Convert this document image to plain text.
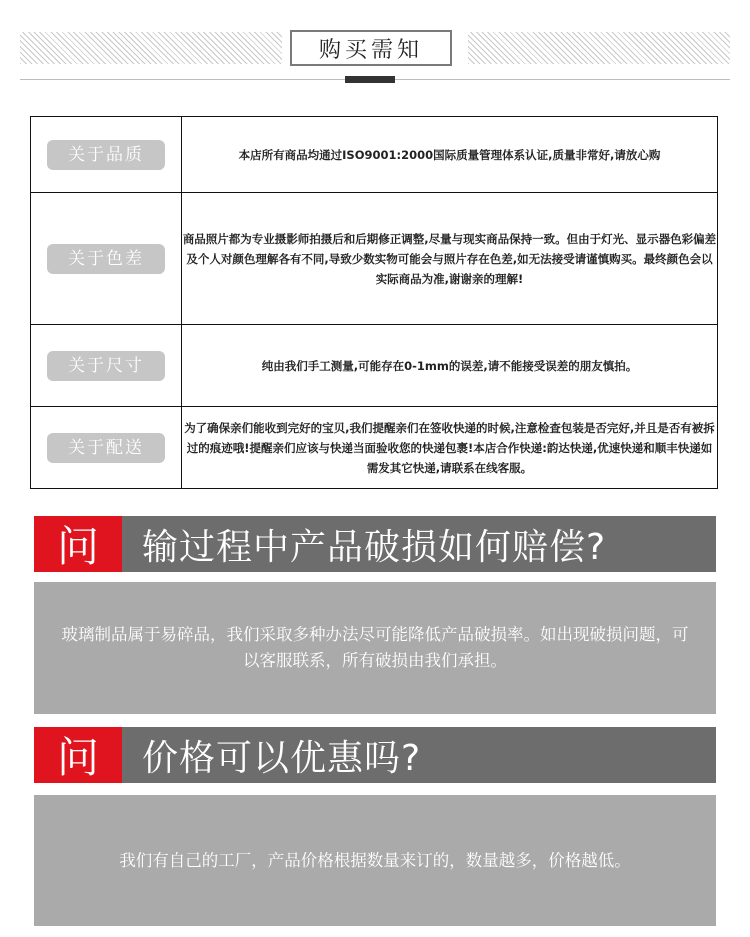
购买需知
关于品质	本店所有商品均通过ISO9001:2000国际质量管理体系认证,质量非常好,请放心购
关于色差	商品照片都为专业摄影师拍摄后和后期修正调整,尽量与现实商品保持一致。但由于灯光、显示器色彩偏差及个人对颜色理解各有不同,导致少数实物可能会与照片存在色差,如无法接受请谨慎购买。最终颜色会以实际商品为准,谢谢亲的理解!
关于尺寸	纯由我们手工测量,可能存在0-1mm的误差,请不能接受误差的朋友慎拍。
关于配送	为了确保亲们能收到完好的宝贝,我们提醒亲们在签收快递的时候,注意检查包装是否完好,并且是否有被拆过的痕迹哦!提醒亲们应该与快递当面验收您的快递包裹!本店合作快递:韵达快递,优速快递和顺丰快递如需发其它快递,请联系在线客服。
问	输过程中产品破损如何赔偿?
玻璃制品属于易碎品，我们采取多种办法尽可能降低产品破损率。如出现破损问题，可以客服联系，所有破损由我们承担。
问	价格可以优惠吗?
我们有自己的工厂，产品价格根据数量来订的，数量越多，价格越低。
